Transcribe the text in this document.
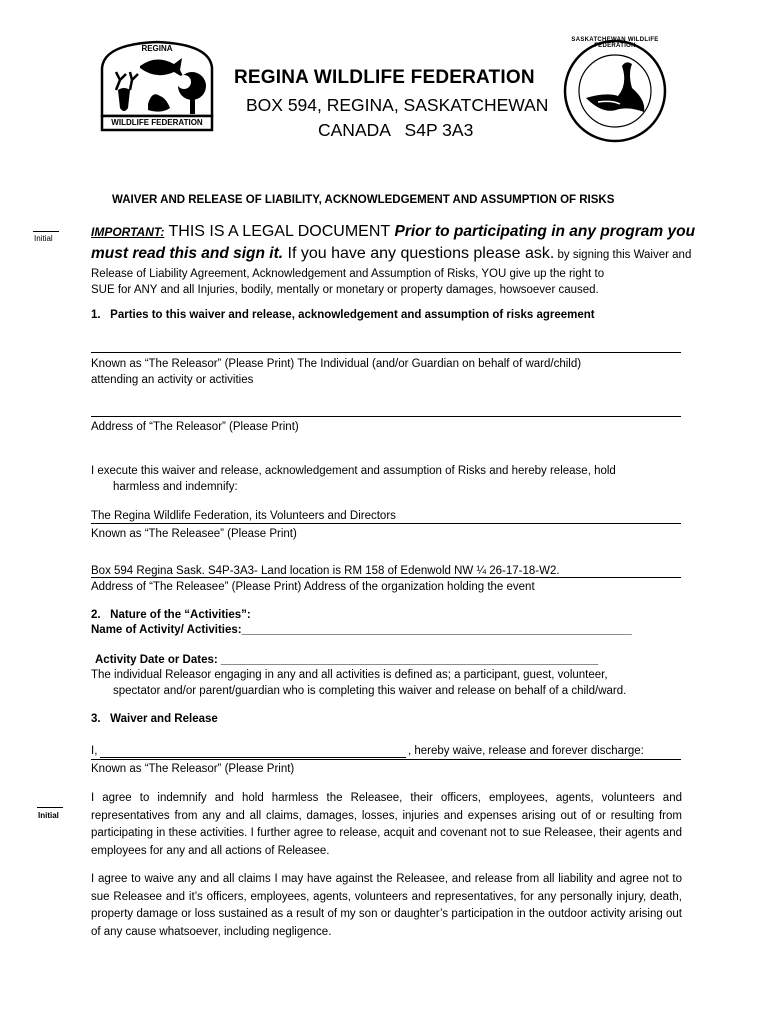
REGINA
WILDLIFE FEDERATION
REGINA WILDLIFE FEDERATION
BOX 594, REGINA, SASKATCHEWAN
CANADA   S4P 3A3
SASKATCHEWAN WILDLIFE FEDERATION
WAIVER AND RELEASE OF LIABILITY, ACKNOWLEDGEMENT AND ASSUMPTION OF RISKS
Initial	IMPORTANT: THIS IS A LEGAL DOCUMENT Prior to participating in any program you
must read this and sign it. If you have any questions please ask. by signing this Waiver and
Release of Liability Agreement, Acknowledgement and Assumption of Risks, YOU give up the right to
SUE for ANY and all Injuries, bodily, mentally or monetary or property damages, howsoever caused.
1.   Parties to this waiver and release, acknowledgement and assumption of risks agreement
Known as “The Releasor” (Please Print) The Individual (and/or Guardian on behalf of ward/child)
attending an activity or activities
Address of “The Releasor” (Please Print)
I execute this waiver and release, acknowledgement and assumption of Risks and hereby release, hold
harmless and indemnify:
The Regina Wildlife Federation, its Volunteers and Directors
Known as “The Releasee” (Please Print)
Box 594 Regina Sask. S4P-3A3- Land location is RM 158 of Edenwold NW ¼ 26-17-18-W2.
Address of “The Releasee” (Please Print) Address of the organization holding the event
2.   Nature of the “Activities”:
Name of Activity/ Activities:_____________________________________________________________
Activity Date or Dates: ___________________________________________________________
The individual Releasor engaging in any and all activities is defined as; a participant, guest, volunteer,
spectator and/or parent/guardian who is completing this waiver and release on behalf of a child/ward.
3.   Waiver and Release
I,	, hereby waive, release and forever discharge:
Known as “The Releasor” (Please Print)
Initial
I agree to indemnify and hold harmless the Releasee, their officers, employees, agents, volunteers and representatives from any and all claims, damages, losses, injuries and expenses arising out of or resulting from participating in these activities. I further agree to release, acquit and covenant not to sue Releasee, their agents and employees for any and all actions of Releasee.
I agree to waive any and all claims I may have against the Releasee, and release from all liability and agree not to sue Releasee and it’s officers, employees, agents, volunteers and representatives, for any personally injury, death, property damage or loss sustained as a result of my son or daughter’s participation in the outdoor activity arising out of any cause whatsoever, including negligence.
